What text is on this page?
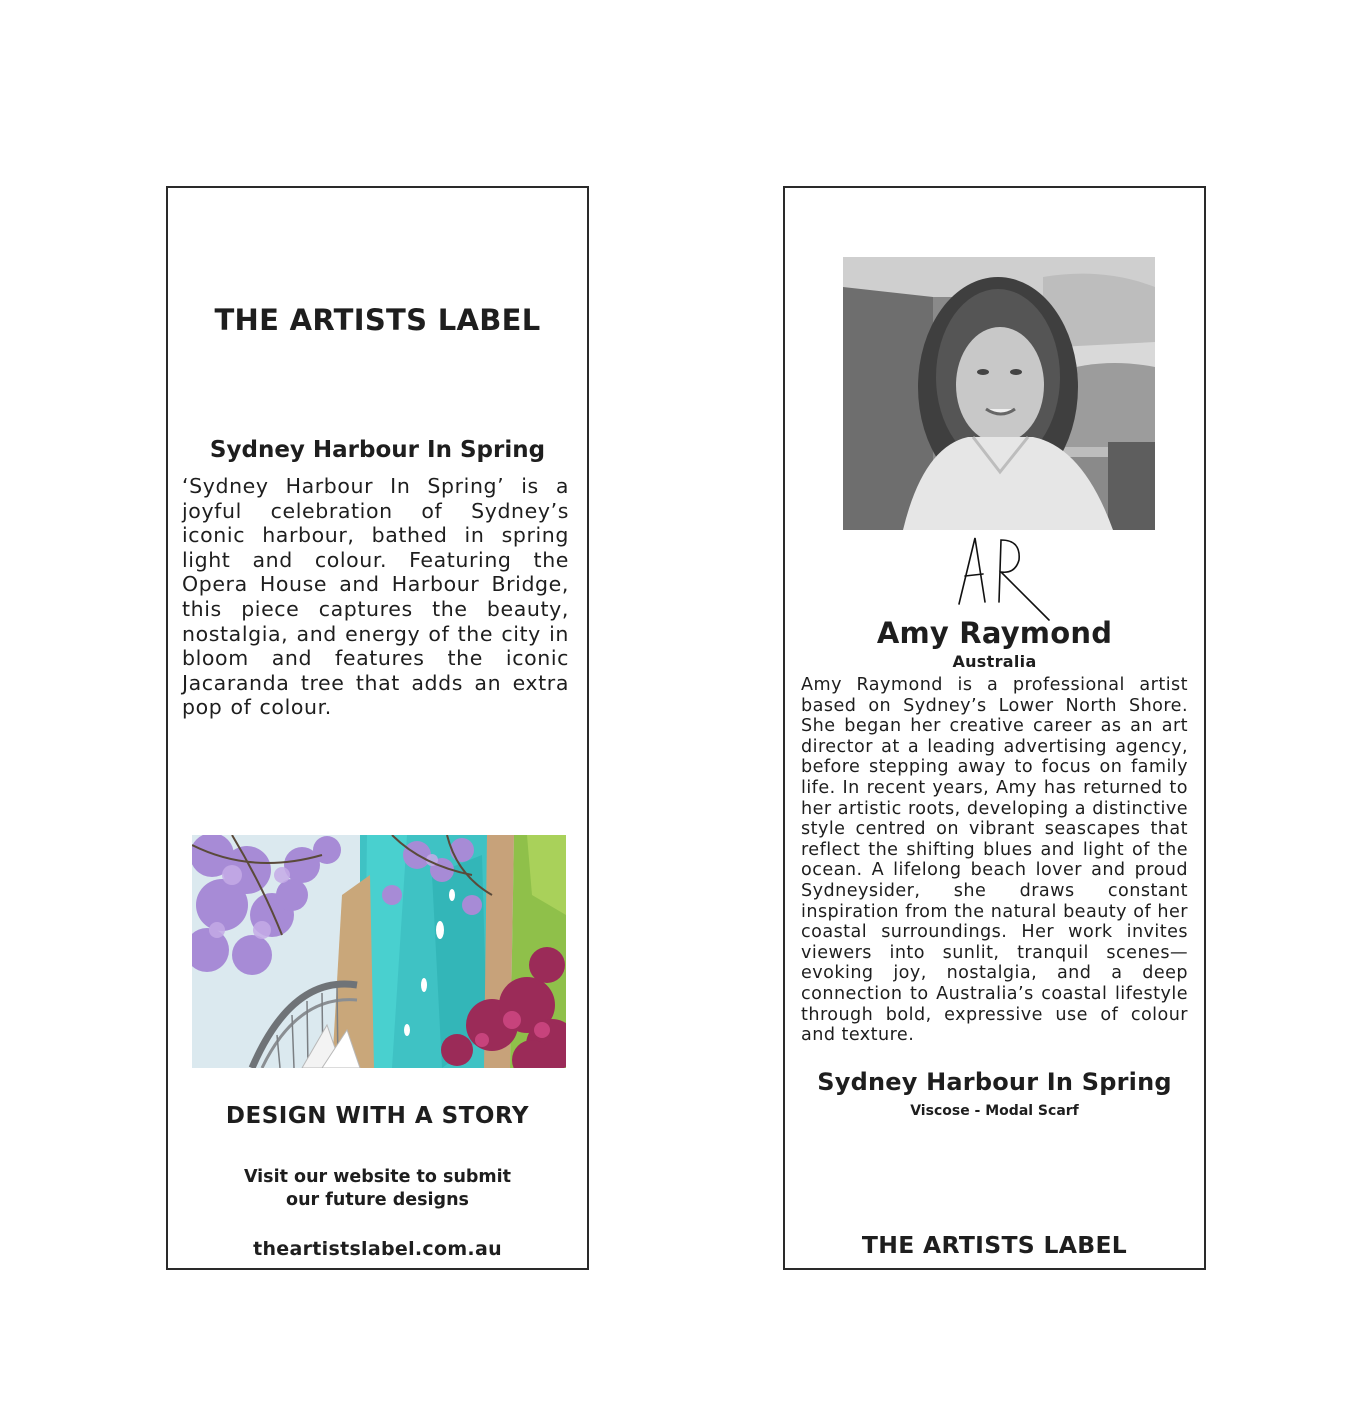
THE ARTISTS LABEL
Sydney Harbour In Spring
‘Sydney Harbour In Spring’ is a joyful celebration of Sydney’s iconic harbour, bathed in spring light and colour. Featuring the Opera House and Harbour Bridge, this piece captures the beauty, nostalgia, and energy of the city in bloom and features the iconic Jacaranda tree that adds an extra pop of colour.
DESIGN WITH A STORY
Visit our website to submit
our future designs
theartistslabel.com.au
Amy Raymond
Australia
Amy Raymond is a professional artist based on Sydney’s Lower North Shore. She began her creative career as an art director at a leading advertising agency, before stepping away to focus on family life. In recent years, Amy has returned to her artistic roots, developing a distinctive style centred on vibrant seascapes that reflect the shifting blues and light of the ocean. A lifelong beach lover and proud Sydneysider, she draws constant inspiration from the natural beauty of her coastal surroundings. Her work invites viewers into sunlit, tranquil scenes—evoking joy, nostalgia, and a deep connection to Australia’s coastal lifestyle through bold, expressive use of colour and texture.
Sydney Harbour In Spring
Viscose - Modal Scarf
THE ARTISTS LABEL
